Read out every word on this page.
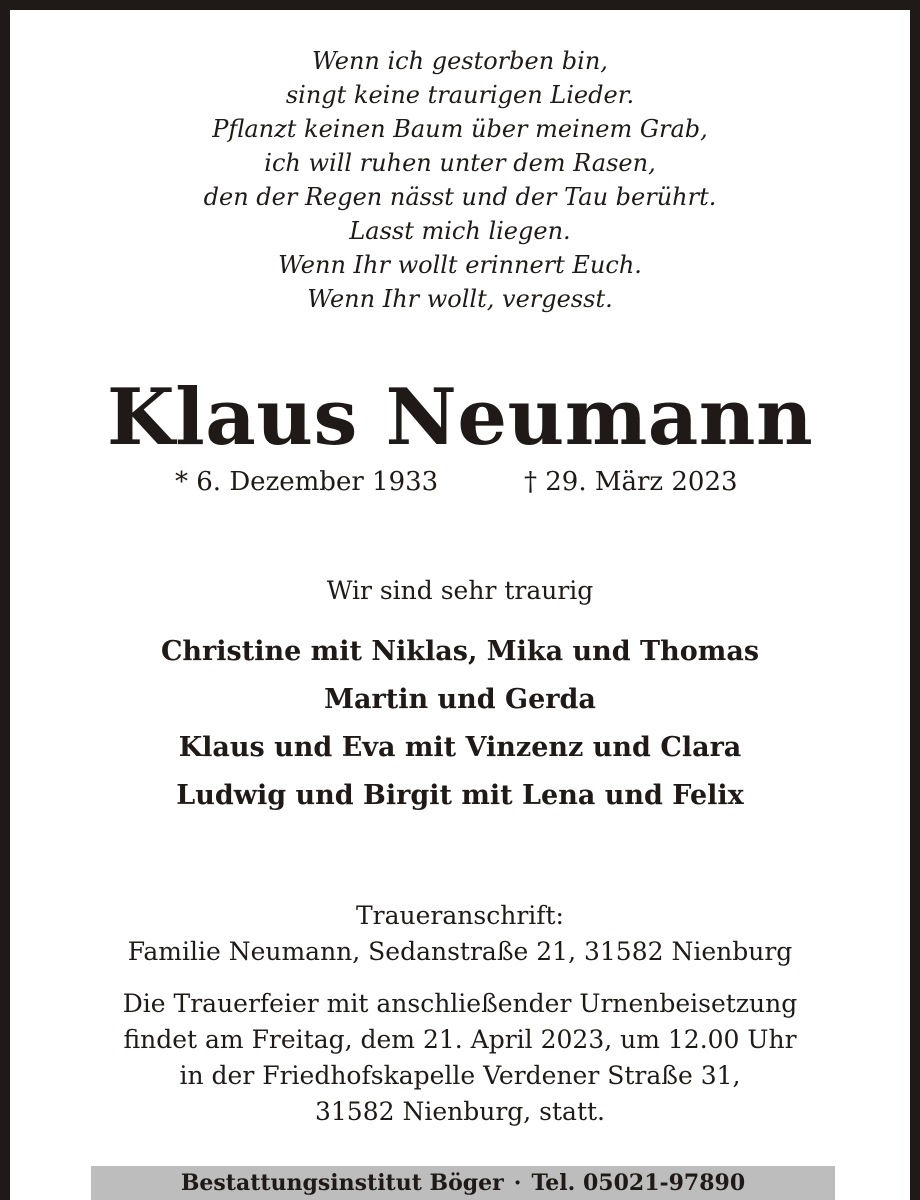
Wenn ich gestorben bin,
singt keine traurigen Lieder.
Pflanzt keinen Baum über meinem Grab,
ich will ruhen unter dem Rasen,
den der Regen nässt und der Tau berührt.
Lasst mich liegen.
Wenn Ihr wollt erinnert Euch.
Wenn Ihr wollt, vergesst.
Klaus Neumann
* 6. Dezember 1933	† 29. März 2023
Wir sind sehr traurig
Christine mit Niklas, Mika und Thomas
Martin und Gerda
Klaus und Eva mit Vinzenz und Clara
Ludwig und Birgit mit Lena und Felix
Traueranschrift:
Familie Neumann, Sedanstraße 21, 31582 Nienburg
Die Trauerfeier mit anschließender Urnenbeisetzung
findet am Freitag, dem 21. April 2023, um 12.00 Uhr
in der Friedhofskapelle Verdener Straße 31,
31582 Nienburg, statt.
Bestattungsinstitut Böger · Tel. 05021-97890
